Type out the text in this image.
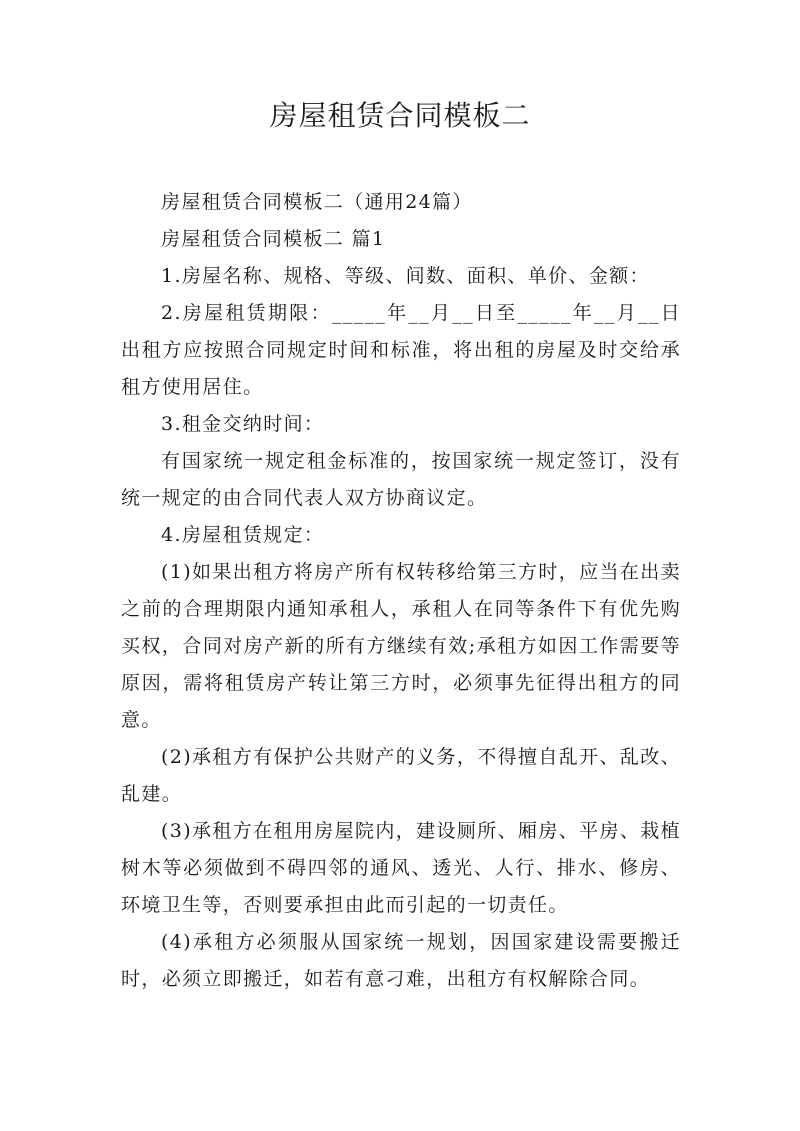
房屋租赁合同模板二

房屋租赁合同模板二（通用24篇）

房屋租赁合同模板二 篇1

1.房屋名称、规格、等级、间数、面积、单价、金额：

2.房屋租赁期限：_____年__月__日至_____年__月__日出租方应按照合同规定时间和标准，将出租的房屋及时交给承租方使用居住。

3.租金交纳时间：

有国家统一规定租金标准的，按国家统一规定签订，没有统一规定的由合同代表人双方协商议定。

4.房屋租赁规定：

(1)如果出租方将房产所有权转移给第三方时，应当在出卖之前的合理期限内通知承租人，承租人在同等条件下有优先购买权，合同对房产新的所有方继续有效;承租方如因工作需要等原因，需将租赁房产转让第三方时，必须事先征得出租方的同意。

(2)承租方有保护公共财产的义务，不得擅自乱开、乱改、乱建。

(3)承租方在租用房屋院内，建设厕所、厢房、平房、栽植树木等必须做到不碍四邻的通风、透光、人行、排水、修房、环境卫生等，否则要承担由此而引起的一切责任。

(4)承租方必须服从国家统一规划，因国家建设需要搬迁时，必须立即搬迁，如若有意刁难，出租方有权解除合同。
